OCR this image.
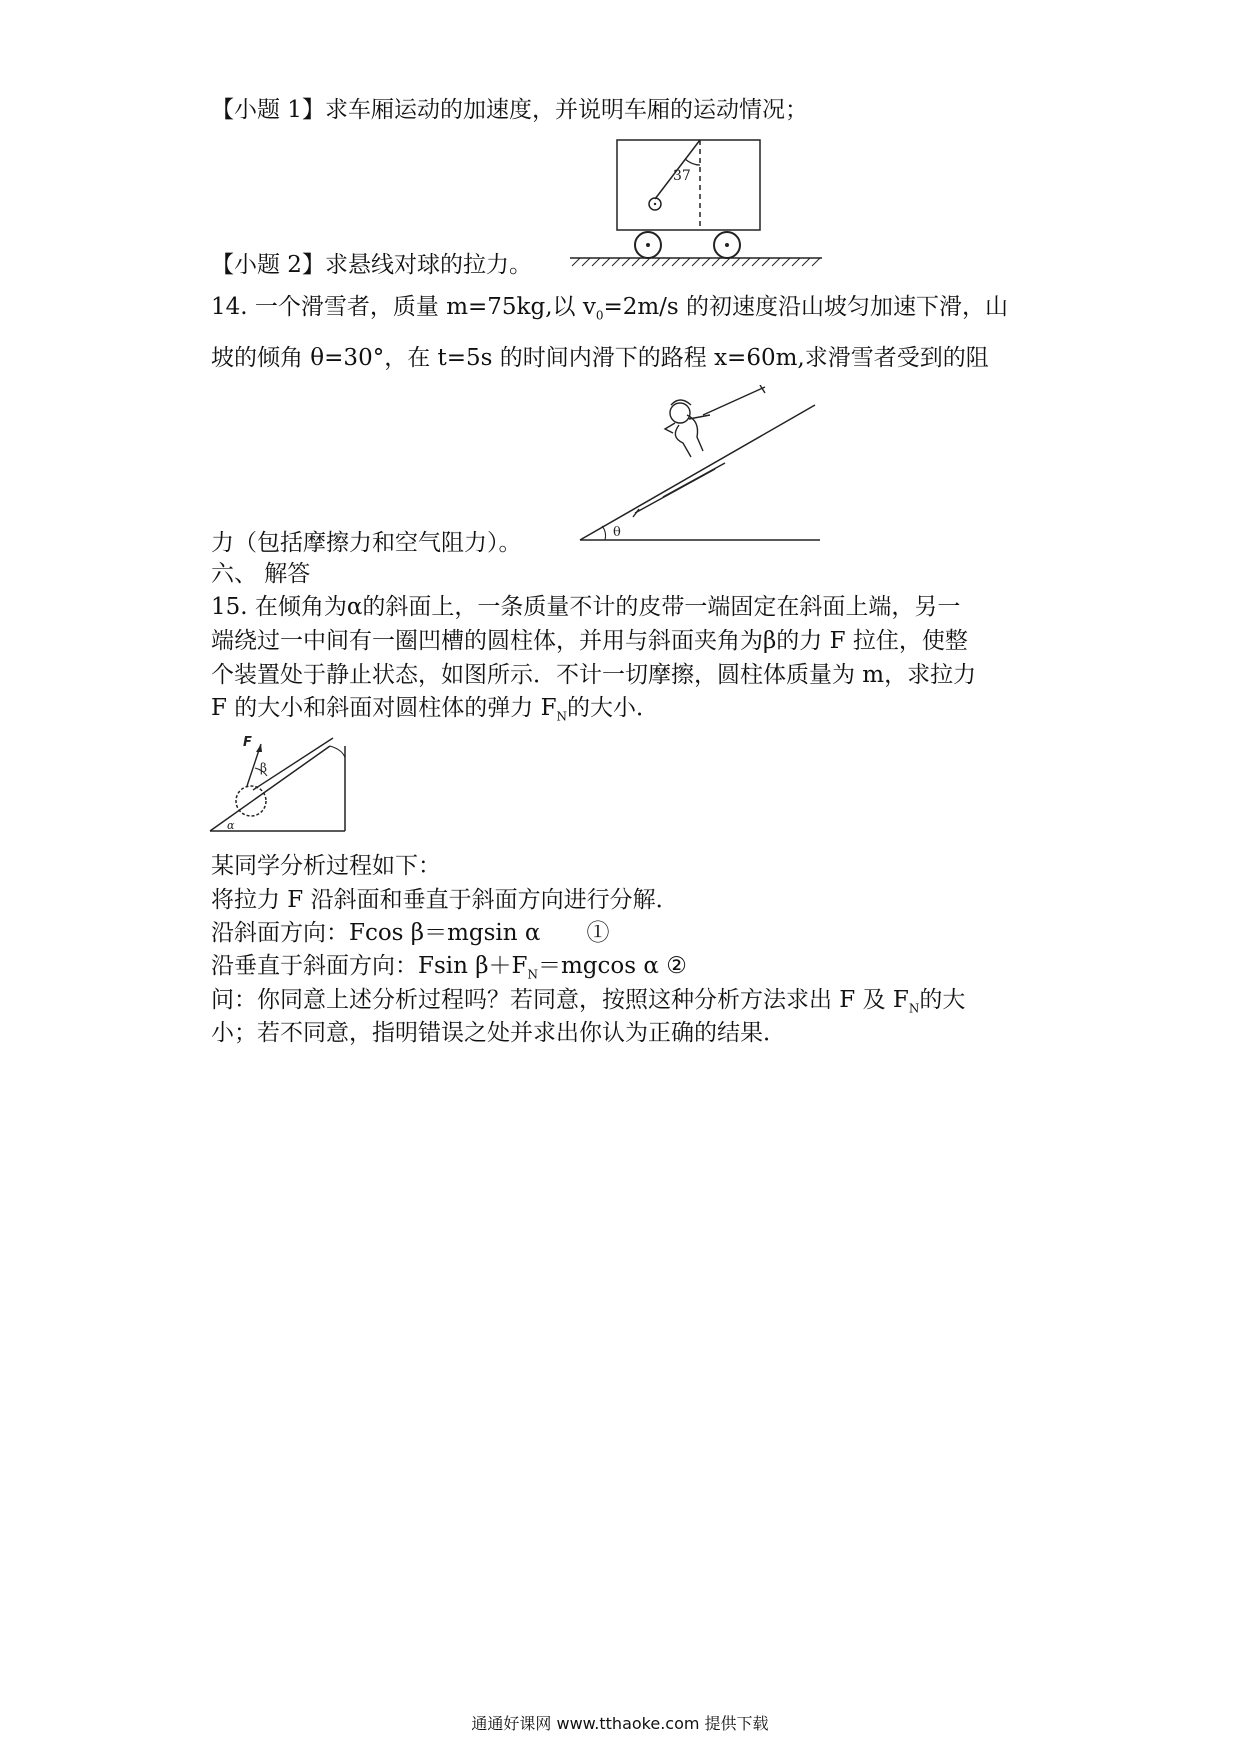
【小题 1】求车厢运动的加速度，并说明车厢的运动情况；
37
【小题 2】求悬线对球的拉力。
14. 一个滑雪者，质量 m=75kg,以 $v_0=2m/s$ 的初速度沿山坡匀加速下滑，山
坡的倾角 θ=30°，在 t=5s 的时间内滑下的路程 x=60m,求滑雪者受到的阻
θ
力（包括摩擦力和空气阻力）。
六、 解答
15. 在倾角为α的斜面上，一条质量不计的皮带一端固定在斜面上端，另一
端绕过一中间有一圈凹槽的圆柱体，并用与斜面夹角为β的力 F 拉住，使整
个装置处于静止状态，如图所示．不计一切摩擦，圆柱体质量为 m，求拉力
F 的大小和斜面对圆柱体的弹力 $F_N$的大小．
F
β
α
某同学分析过程如下：
将拉力 F 沿斜面和垂直于斜面方向进行分解．
沿斜面方向：Fcos β＝mgsin α　　①
沿垂直于斜面方向：Fsin $\beta+F_N=mgcos$ α ②
问：你同意上述分析过程吗？若同意，按照这种分析方法求出 F 及 $F_N$的大
小；若不同意，指明错误之处并求出你认为正确的结果．
通通好课网 www.tthaoke.com 提供下载
